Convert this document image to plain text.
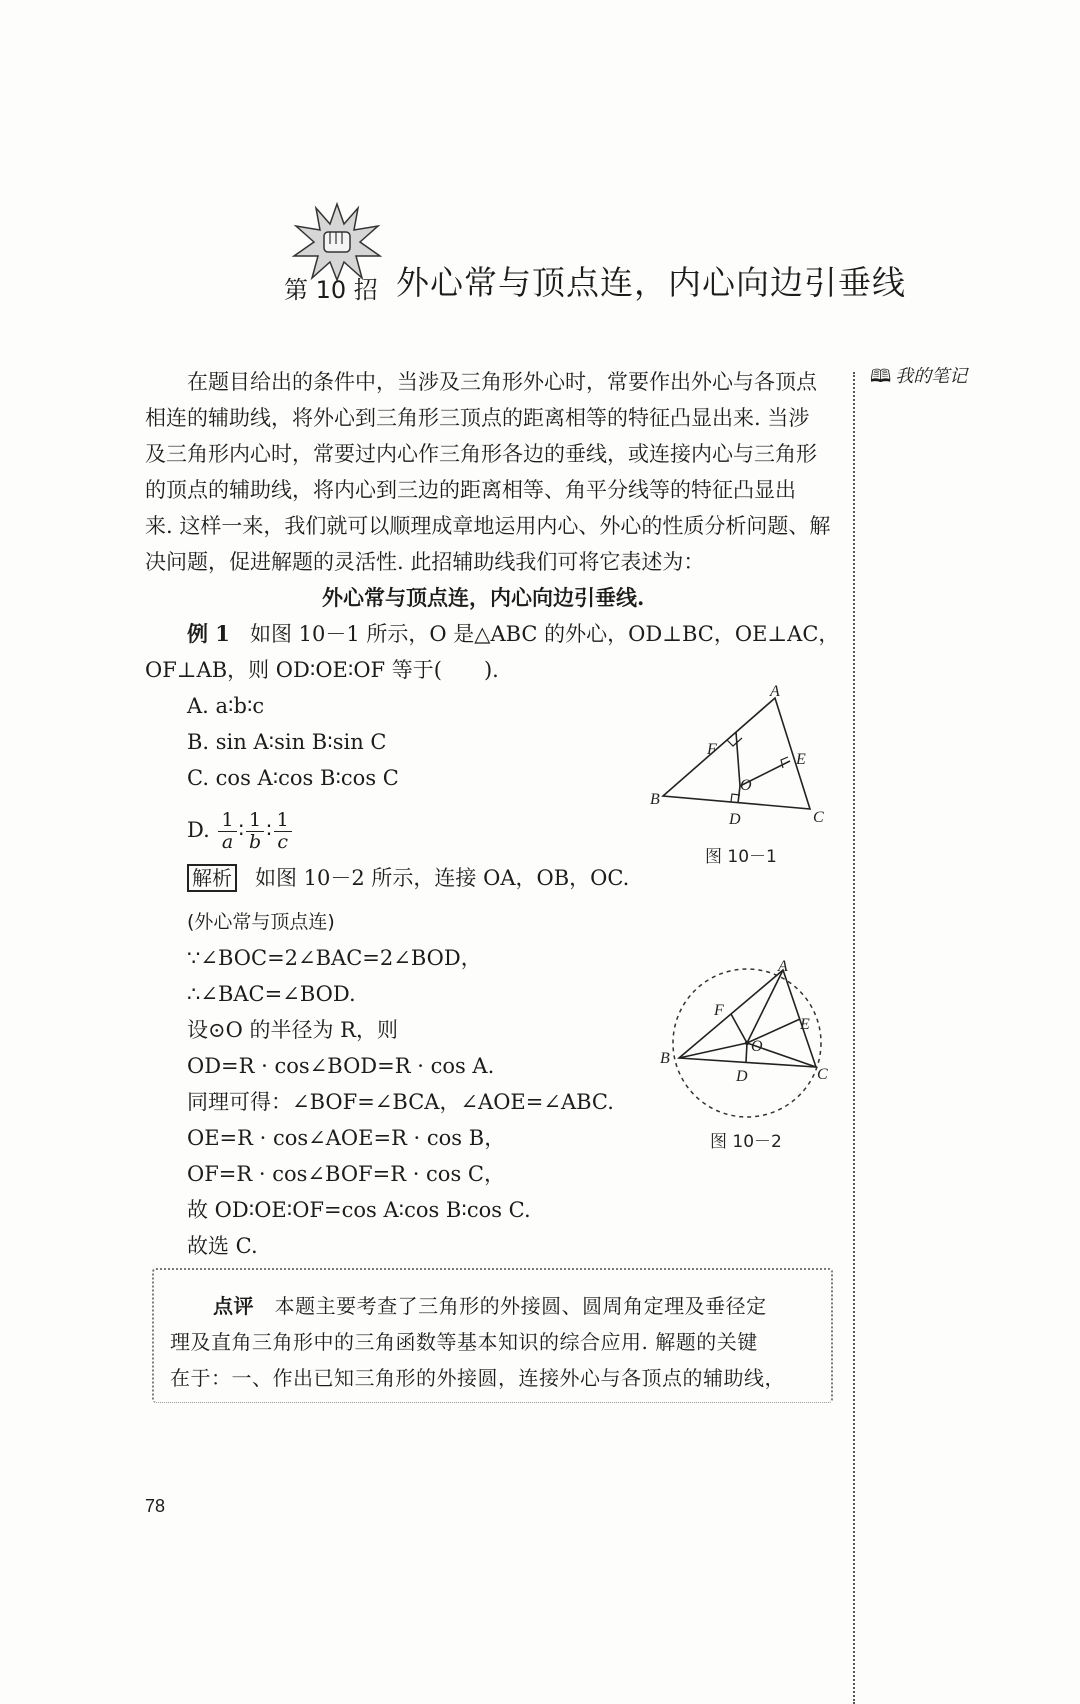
第 10 招 外心常与顶点连，内心向边引垂线
🕮 我的笔记
在题目给出的条件中，当涉及三角形外心时，常要作出外心与各顶点
相连的辅助线，将外心到三角形三顶点的距离相等的特征凸显出来. 当涉
及三角形内心时，常要过内心作三角形各边的垂线，或连接内心与三角形
的顶点的辅助线，将内心到三边的距离相等、角平分线等的特征凸显出
来. 这样一来，我们就可以顺理成章地运用内心、外心的性质分析问题、解
决问题，促进解题的灵活性. 此招辅助线我们可将它表述为：
外心常与顶点连，内心向边引垂线.
例 1 如图 10－1 所示，O 是△ABC 的外心，OD⊥BC，OE⊥AC，
OF⊥AB，则 OD∶OE∶OF 等于(　　).
A. a∶b∶c
B. sin A∶sin B∶sin C
C. cos A∶cos B∶cos C
D. $\frac{1}{a}$ ∶ $\frac{1}{b}$ ∶ $\frac{1}{c}$
A
B
C
D
E
F
O
图 10－1
解析 如图 10－2 所示，连接 OA，OB，OC.
(外心常与顶点连)
∵∠BOC=2∠BAC=2∠BOD，
∴∠BAC=∠BOD.
设⊙O 的半径为 R，则
OD=R · cos∠BOD=R · cos A.
同理可得：∠BOF=∠BCA，∠AOE=∠ABC.
OE=R · cos∠AOE=R · cos B，
OF=R · cos∠BOF=R · cos C，
故 OD∶OE∶OF=cos A∶cos B∶cos C.
故选 C.
A
B
C
D
E
F
O
图 10－2
点评 本题主要考查了三角形的外接圆、圆周角定理及垂径定
理及直角三角形中的三角函数等基本知识的综合应用. 解题的关键
在于：一、作出已知三角形的外接圆，连接外心与各顶点的辅助线，
78
